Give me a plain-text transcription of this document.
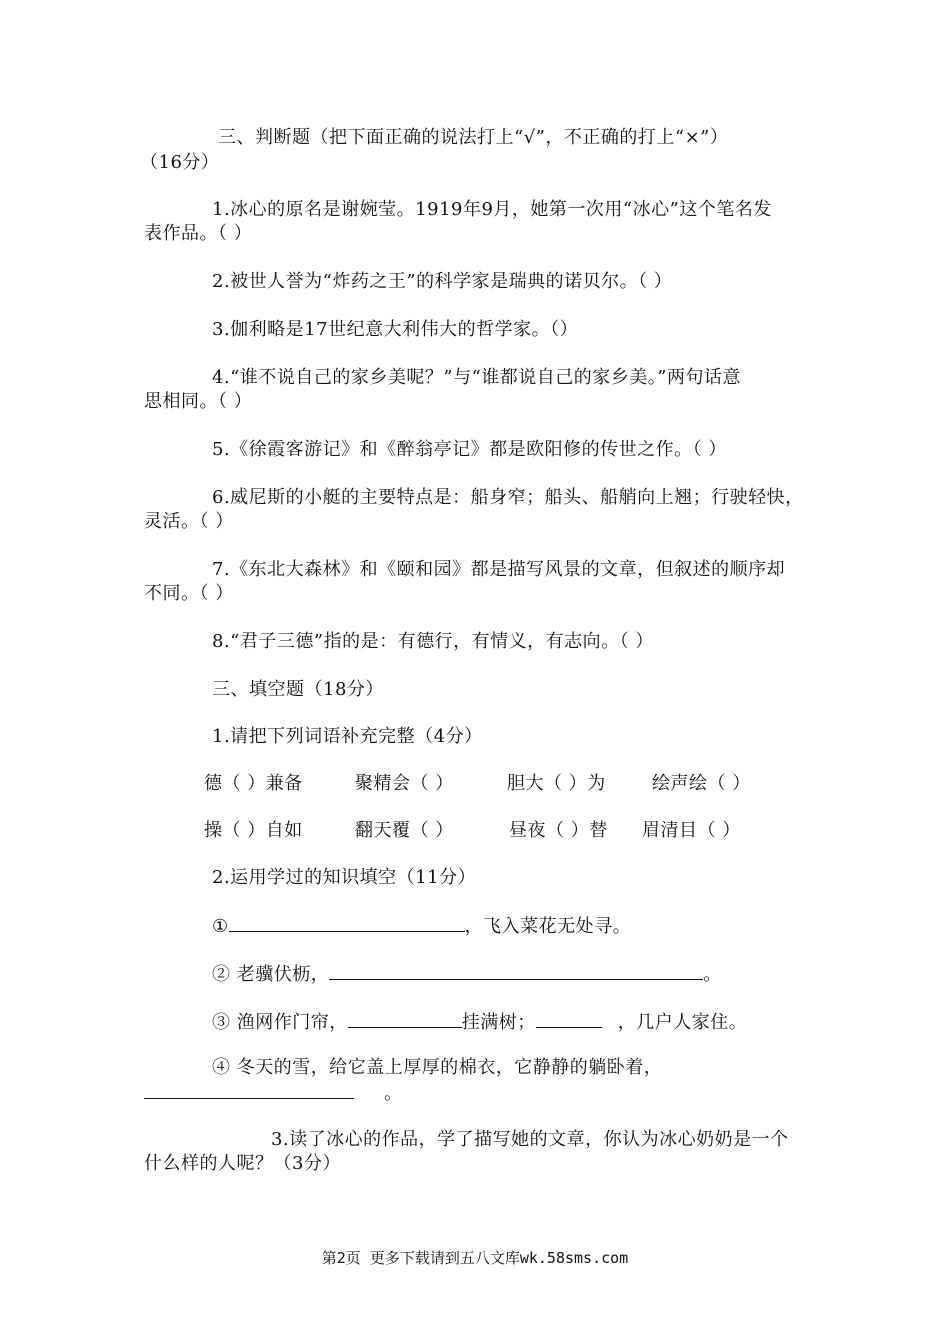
三、判断题（把下面正确的说法打上“√”，不正确的打上“×”）
（16分）
1.冰心的原名是谢婉莹。1919年9月，她第一次用“冰心”这个笔名发
表作品。（ ）
2.被世人誉为“炸药之王”的科学家是瑞典的诺贝尔。（ ）
3.伽利略是17世纪意大利伟大的哲学家。（）
4.“谁不说自己的家乡美呢？”与“谁都说自己的家乡美。”两句话意
思相同。（ ）
5.《徐霞客游记》和《醉翁亭记》都是欧阳修的传世之作。（ ）
6.威尼斯的小艇的主要特点是：船身窄；船头、船艄向上翘；行驶轻快，
灵活。（ ）
7.《东北大森林》和《颐和园》都是描写风景的文章，但叙述的顺序却
不同。（ ）
8.“君子三德”指的是：有德行，有情义，有志向。（ ）
三、填空题（18分）
1.请把下列词语补充完整（4分）
德（ ）兼备	聚精会（ ）	胆大（ ）为	绘声绘（ ）
操（ ）自如	翻天覆（ ）	昼夜（ ）替 眉清目（ ）
2.运用学过的知识填空（11分）
①	，飞入菜花无处寻。
② 老骥伏枥，	。
③ 渔网作门帘，	挂满树；	，几户人家住。
④ 冬天的雪，给它盖上厚厚的棉衣，它静静的躺卧着，
。
3.读了冰心的作品，学了描写她的文章，你认为冰心奶奶是一个
什么样的人呢？（3分）
第2页 更多下载请到五八文库wk.58sms.com
